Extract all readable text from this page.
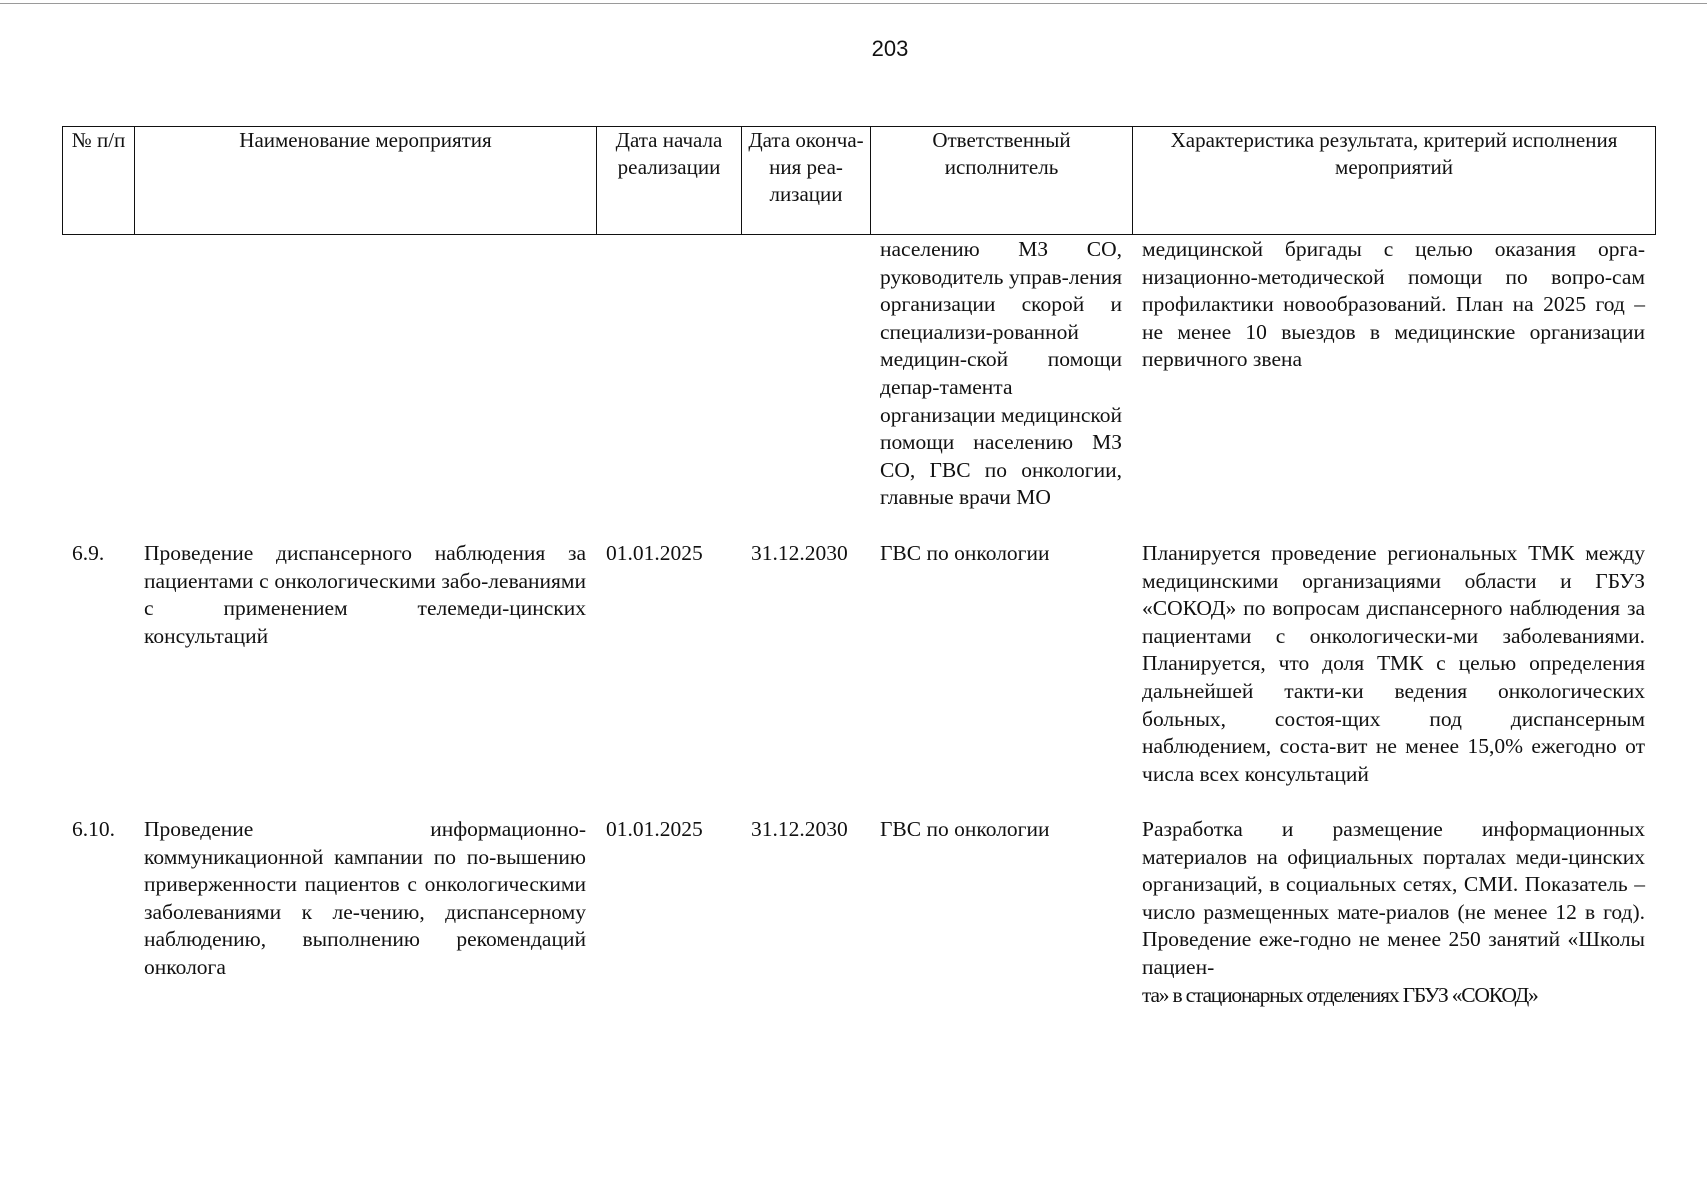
203
№ п/п	Наименование мероприятия	Дата начала реализации	Дата оконча-ния реа-лизации	Ответственный исполнитель	Характеристика результата, критерий исполнения мероприятий
				населению МЗ СО, руководитель управ-ления организации скорой и специализи-рованной медицин-ской помощи депар-тамента организации медицинской помощи населению МЗ СО, ГВС по онкологии, главные врачи МО	медицинской бригады с целью оказания орга-низационно-методической помощи по вопро-сам профилактики новообразований. План на 2025 год – не менее 10 выездов в медицинские организации первичного звена
6.9.	Проведение диспансерного наблюдения за пациентами с онкологическими забо-леваниями с применением телемеди-цинских консультаций	01.01.2025	31.12.2030	ГВС по онкологии	Планируется проведение региональных ТМК между медицинскими организациями области и ГБУЗ «СОКОД» по вопросам диспансерного наблюдения за пациентами с онкологически-ми заболеваниями. Планируется, что доля ТМК с целью определения дальнейшей такти-ки ведения онкологических больных, состоя-щих под диспансерным наблюдением, соста-вит не менее 15,0% ежегодно от числа всех консультаций
6.10.	Проведение информационно-коммуникационной кампании по по-вышению приверженности пациентов с онкологическими заболеваниями к ле-чению, диспансерному наблюдению, выполнению рекомендаций онколога	01.01.2025	31.12.2030	ГВС по онкологии	Разработка и размещение информационных материалов на официальных порталах меди-цинских организаций, в социальных сетях, СМИ. Показатель – число размещенных мате-риалов (не менее 12 в год). Проведение еже-годно не менее 250 занятий «Школы пациен-
та» в стационарных отделениях ГБУЗ «СОКОД»
